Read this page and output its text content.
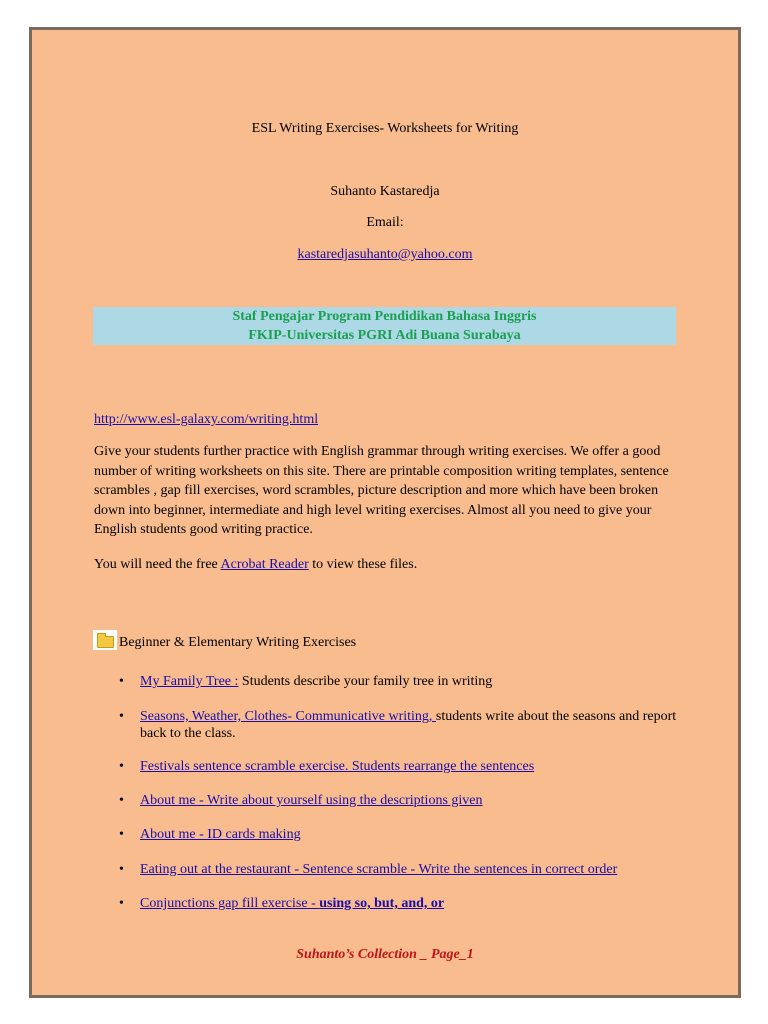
ESL Writing Exercises- Worksheets for Writing
Suhanto Kastaredja
Email:
kastaredjasuhanto@yahoo.com
Staf Pengajar Program Pendidikan Bahasa Inggris
FKIP-Universitas PGRI Adi Buana Surabaya
http://www.esl-galaxy.com/writing.html
Give your students further practice with English grammar through writing exercises. We offer a good number of writing worksheets on this site. There are printable composition writing templates, sentence scrambles , gap fill exercises, word scrambles, picture description and more which have been broken down into beginner, intermediate and high level writing exercises. Almost all you need to give your English students good writing practice.
You will need the free Acrobat Reader to view these files.
Beginner & Elementary Writing Exercises
• My Family Tree : Students describe your family tree in writing
• Seasons, Weather, Clothes- Communicative writing, students write about the seasons and report back to the class.
• Festivals sentence scramble exercise. Students rearrange the sentences
• About me - Write about yourself using the descriptions given
• About me - ID cards making
• Eating out at the restaurant - Sentence scramble - Write the sentences in correct order
• Conjunctions gap fill exercise - using so, but, and, or
Suhanto’s Collection _ Page_1
